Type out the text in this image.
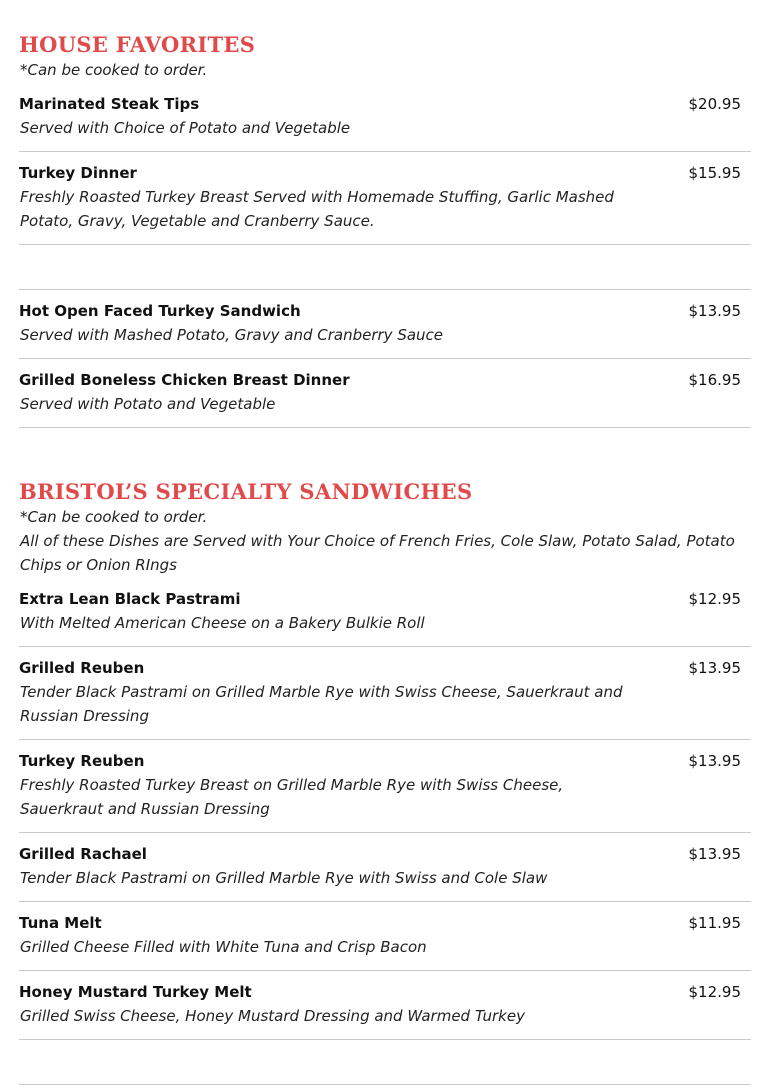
HOUSE FAVORITES
*Can be cooked to order.
Marinated Steak Tips	$20.95
Served with Choice of Potato and Vegetable
Turkey Dinner	$15.95
Freshly Roasted Turkey Breast Served with Homemade Stuffing, Garlic Mashed Potato, Gravy, Vegetable and Cranberry Sauce.
Hot Open Faced Turkey Sandwich	$13.95
Served with Mashed Potato, Gravy and Cranberry Sauce
Grilled Boneless Chicken Breast Dinner	$16.95
Served with Potato and Vegetable
BRISTOL’S SPECIALTY SANDWICHES
*Can be cooked to order.
All of these Dishes are Served with Your Choice of French Fries, Cole Slaw, Potato Salad, Potato Chips or Onion RIngs
Extra Lean Black Pastrami	$12.95
With Melted American Cheese on a Bakery Bulkie Roll
Grilled Reuben	$13.95
Tender Black Pastrami on Grilled Marble Rye with Swiss Cheese, Sauerkraut and Russian Dressing
Turkey Reuben	$13.95
Freshly Roasted Turkey Breast on Grilled Marble Rye with Swiss Cheese, Sauerkraut and Russian Dressing
Grilled Rachael	$13.95
Tender Black Pastrami on Grilled Marble Rye with Swiss and Cole Slaw
Tuna Melt	$11.95
Grilled Cheese Filled with White Tuna and Crisp Bacon
Honey Mustard Turkey Melt	$12.95
Grilled Swiss Cheese, Honey Mustard Dressing and Warmed Turkey
